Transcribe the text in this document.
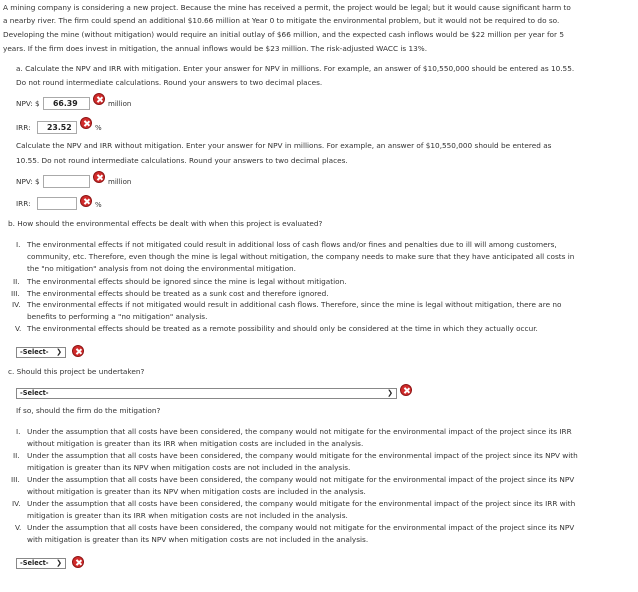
A mining company is considering a new project. Because the mine has received a permit, the project would be legal; but it would cause significant harm to
a nearby river. The firm could spend an additional $10.66 million at Year 0 to mitigate the environmental problem, but it would not be required to do so.
Developing the mine (without mitigation) would require an initial outlay of $66 million, and the expected cash inflows would be $22 million per year for 5
years. If the firm does invest in mitigation, the annual inflows would be $23 million. The risk-adjusted WACC is 13%.
a. Calculate the NPV and IRR with mitigation. Enter your answer for NPV in millions. For example, an answer of $10,550,000 should be entered as 10.55.
Do not round intermediate calculations. Round your answers to two decimal places.
NPV: $	66.39	million
IRR:	23.52	%
Calculate the NPV and IRR without mitigation. Enter your answer for NPV in millions. For example, an answer of $10,550,000 should be entered as
10.55. Do not round intermediate calculations. Round your answers to two decimal places.
NPV: $	million
IRR:	%
b. How should the environmental effects be dealt with when this project is evaluated?
I. The environmental effects if not mitigated could result in additional loss of cash flows and/or fines and penalties due to ill will among customers,
community, etc. Therefore, even though the mine is legal without mitigation, the company needs to make sure that they have anticipated all costs in
the "no mitigation" analysis from not doing the environmental mitigation.
II. The environmental effects should be ignored since the mine is legal without mitigation.
III. The environmental effects should be treated as a sunk cost and therefore ignored.
IV. The environmental effects if not mitigated would result in additional cash flows. Therefore, since the mine is legal without mitigation, there are no
benefits to performing a "no mitigation" analysis.
V. The environmental effects should be treated as a remote possibility and should only be considered at the time in which they actually occur.
-Select- ❯
c. Should this project be undertaken?
-Select-	❯
If so, should the firm do the mitigation?
I. Under the assumption that all costs have been considered, the company would not mitigate for the environmental impact of the project since its IRR
without mitigation is greater than its IRR when mitigation costs are included in the analysis.
II. Under the assumption that all costs have been considered, the company would mitigate for the environmental impact of the project since its NPV with
mitigation is greater than its NPV when mitigation costs are not included in the analysis.
III. Under the assumption that all costs have been considered, the company would not mitigate for the environmental impact of the project since its NPV
without mitigation is greater than its NPV when mitigation costs are included in the analysis.
IV. Under the assumption that all costs have been considered, the company would mitigate for the environmental impact of the project since its IRR with
mitigation is greater than its IRR when mitigation costs are not included in the analysis.
V. Under the assumption that all costs have been considered, the company would not mitigate for the environmental impact of the project since its NPV
with mitigation is greater than its NPV when mitigation costs are not included in the analysis.
-Select- ❯
